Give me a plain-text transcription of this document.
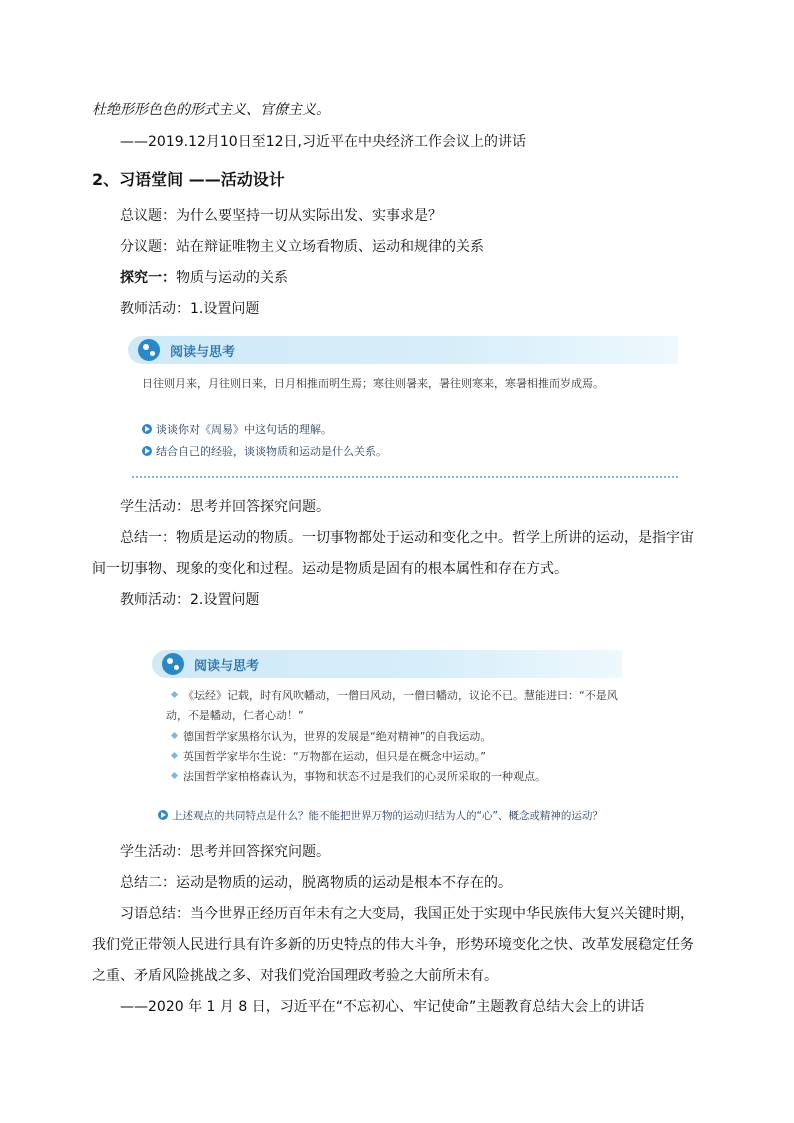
杜绝形形色色的形式主义、官僚主义。
——2019.12月10日至12日,习近平在中央经济工作会议上的讲话
2、习语堂间 ——活动设计
总议题：为什么要坚持一切从实际出发、实事求是？
分议题：站在辩证唯物主义立场看物质、运动和规律的关系
探究一：物质与运动的关系
教师活动：1.设置问题
阅读与思考
日往则月来，月往则日来，日月相推而明生焉；寒往则暑来，暑往则寒来，寒暑相推而岁成焉。
谈谈你对《周易》中这句话的理解。
结合自己的经验，谈谈物质和运动是什么关系。
学生活动：思考并回答探究问题。
总结一：物质是运动的物质。一切事物都处于运动和变化之中。哲学上所讲的运动，是指宇宙
间一切事物、现象的变化和过程。运动是物质是固有的根本属性和存在方式。
教师活动：2.设置问题
阅读与思考
《坛经》记载，时有风吹幡动，一僧曰风动，一僧曰幡动，议论不已。慧能进曰：“不是风
动，不是幡动，仁者心动！”
德国哲学家黑格尔认为，世界的发展是“绝对精神”的自我运动。
英国哲学家毕尔生说：“万物都在运动，但只是在概念中运动。”
法国哲学家柏格森认为，事物和状态不过是我们的心灵所采取的一种观点。
上述观点的共同特点是什么？能不能把世界万物的运动归结为人的“心”、概念或精神的运动？
学生活动：思考并回答探究问题。
总结二：运动是物质的运动，脱离物质的运动是根本不存在的。
习语总结：当今世界正经历百年未有之大变局，我国正处于实现中华民族伟大复兴关键时期，
我们党正带领人民进行具有许多新的历史特点的伟大斗争，形势环境变化之快、改革发展稳定任务
之重、矛盾风险挑战之多、对我们党治国理政考验之大前所未有。
——2020 年 1 月 8 日，习近平在“不忘初心、牢记使命”主题教育总结大会上的讲话
